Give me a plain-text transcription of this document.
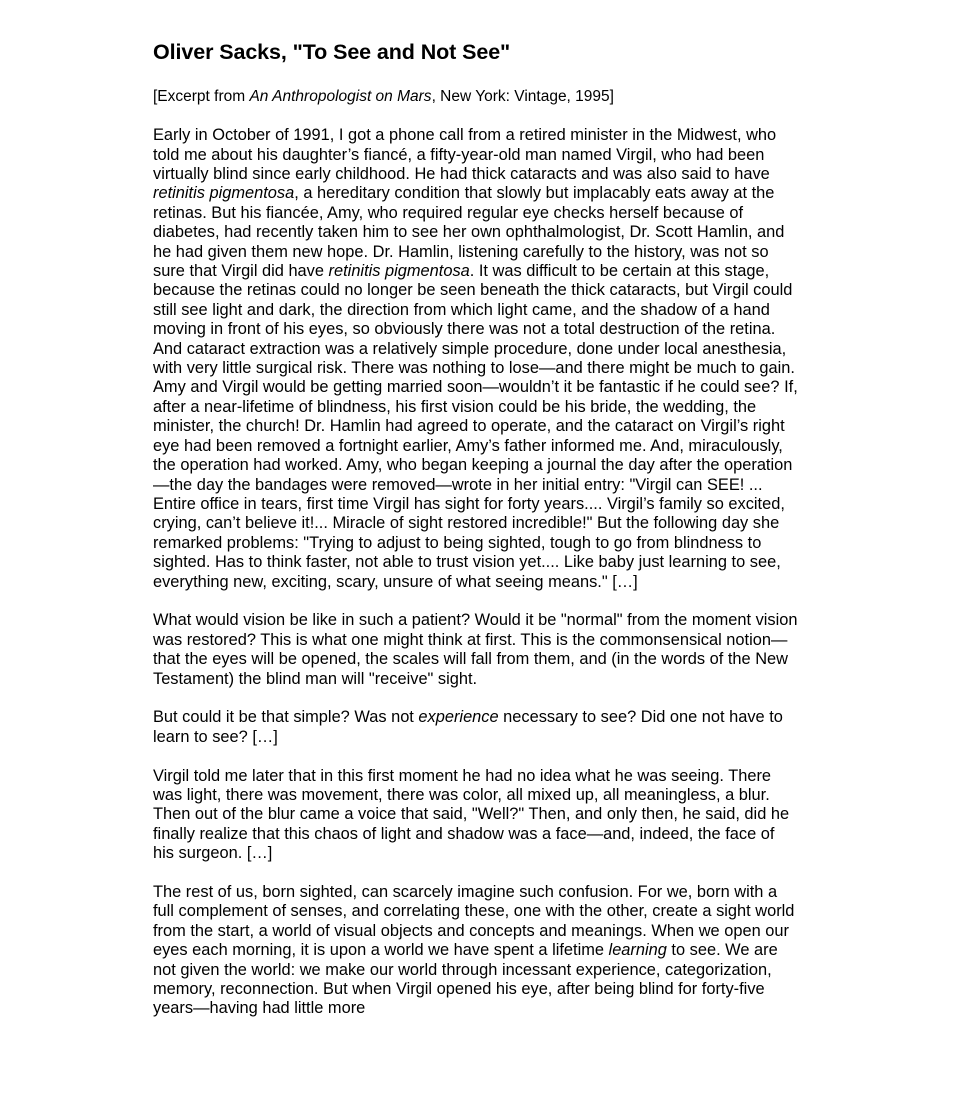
Oliver Sacks, "To See and Not See"

[Excerpt from An Anthropologist on Mars, New York: Vintage, 1995]

Early in October of 1991, I got a phone call from a retired minister in the Midwest, who told me about his daughter’s fiancé, a fifty-year-old man named Virgil, who had been virtually blind since early childhood. He had thick cataracts and was also said to have retinitis pigmentosa, a hereditary condition that slowly but implacably eats away at the retinas. But his fiancée, Amy, who required regular eye checks herself because of diabetes, had recently taken him to see her own ophthalmologist, Dr. Scott Hamlin, and he had given them new hope. Dr. Hamlin, listening carefully to the history, was not so sure that Virgil did have retinitis pigmentosa. It was difficult to be certain at this stage, because the retinas could no longer be seen beneath the thick cataracts, but Virgil could still see light and dark, the direction from which light came, and the shadow of a hand moving in front of his eyes, so obviously there was not a total destruction of the retina. And cataract extraction was a relatively simple procedure, done under local anesthesia, with very little surgical risk. There was nothing to lose—and there might be much to gain. Amy and Virgil would be getting married soon—wouldn’t it be fantastic if he could see? If, after a near-lifetime of blindness, his first vision could be his bride, the wedding, the minister, the church! Dr. Hamlin had agreed to operate, and the cataract on Virgil’s right eye had been removed a fortnight earlier, Amy’s father informed me. And, miraculously, the operation had worked. Amy, who began keeping a journal the day after the operation—the day the bandages were removed—wrote in her initial entry: "Virgil can SEE! ... Entire office in tears, first time Virgil has sight for forty years.... Virgil’s family so excited, crying, can’t believe it!... Miracle of sight restored incredible!" But the following day she remarked problems: "Trying to adjust to being sighted, tough to go from blindness to sighted. Has to think faster, not able to trust vision yet.... Like baby just learning to see, everything new, exciting, scary, unsure of what seeing means." […]

What would vision be like in such a patient? Would it be "normal" from the moment vision was restored? This is what one might think at first. This is the commonsensical notion—that the eyes will be opened, the scales will fall from them, and (in the words of the New Testament) the blind man will "receive" sight.

But could it be that simple? Was not experience necessary to see? Did one not have to learn to see? […]

Virgil told me later that in this first moment he had no idea what he was seeing. There was light, there was movement, there was color, all mixed up, all meaningless, a blur. Then out of the blur came a voice that said, "Well?" Then, and only then, he said, did he finally realize that this chaos of light and shadow was a face—and, indeed, the face of his surgeon. […]

The rest of us, born sighted, can scarcely imagine such confusion. For we, born with a full complement of senses, and correlating these, one with the other, create a sight world from the start, a world of visual objects and concepts and meanings. When we open our eyes each morning, it is upon a world we have spent a lifetime learning to see. We are not given the world: we make our world through incessant experience, categorization, memory, reconnection. But when Virgil opened his eye, after being blind for forty-five years—having had little more
